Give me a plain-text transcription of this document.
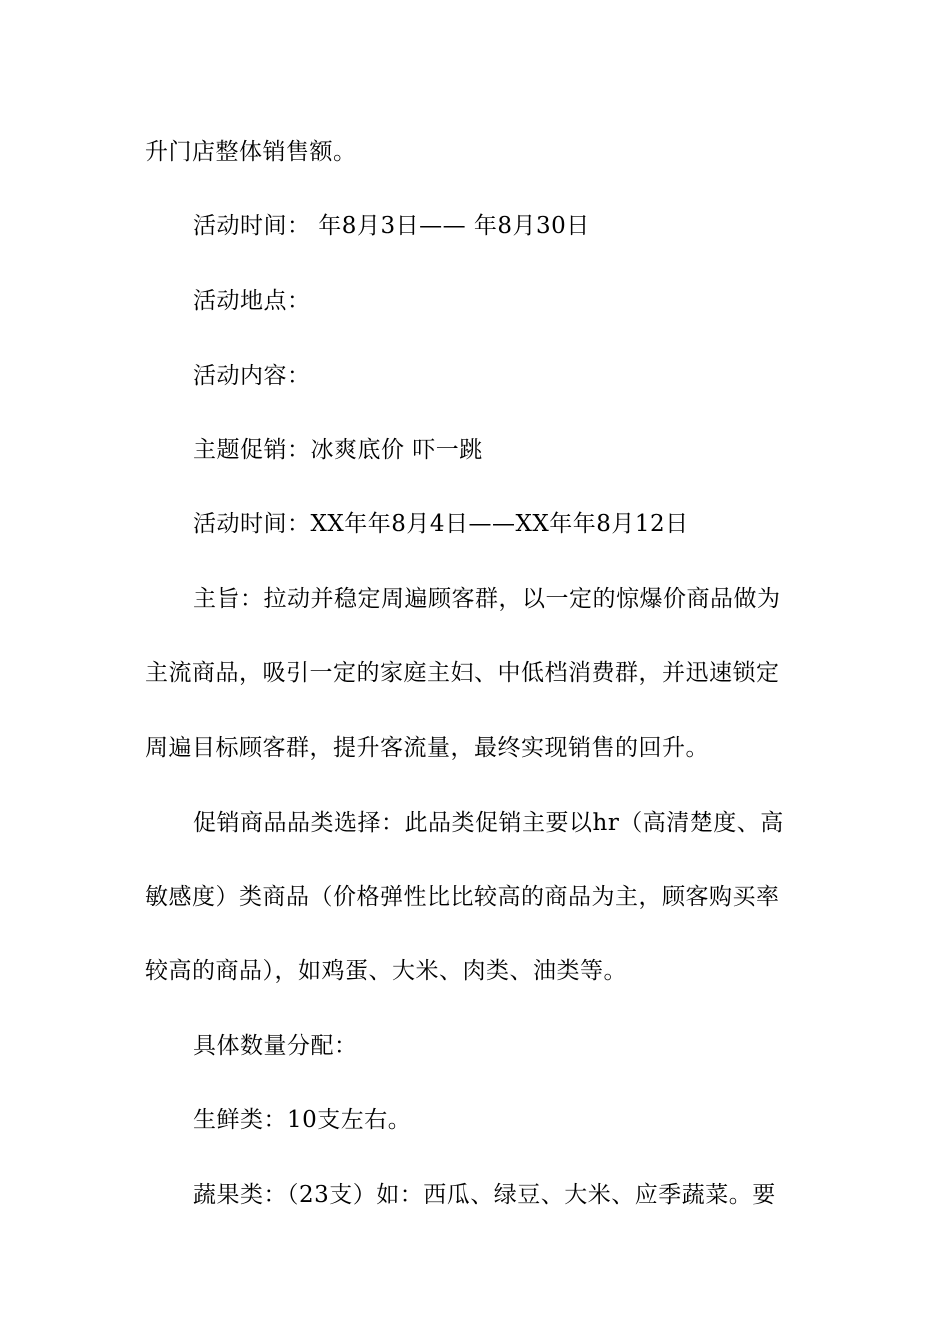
升门店整体销售额。
活动时间： 年8月3日—— 年8月30日
活动地点：
活动内容：
主题促销：冰爽底价 吓一跳
活动时间：XX年年8月4日——XX年年8月12日
主旨：拉动并稳定周遍顾客群，以一定的惊爆价商品做为
主流商品，吸引一定的家庭主妇、中低档消费群，并迅速锁定
周遍目标顾客群，提升客流量，最终实现销售的回升。
促销商品品类选择：此品类促销主要以hr（高清楚度、高
敏感度）类商品（价格弹性比比较高的商品为主，顾客购买率
较高的商品），如鸡蛋、大米、肉类、油类等。
具体数量分配：
生鲜类：10支左右。
蔬果类：（23支）如：西瓜、绿豆、大米、应季蔬菜。要
